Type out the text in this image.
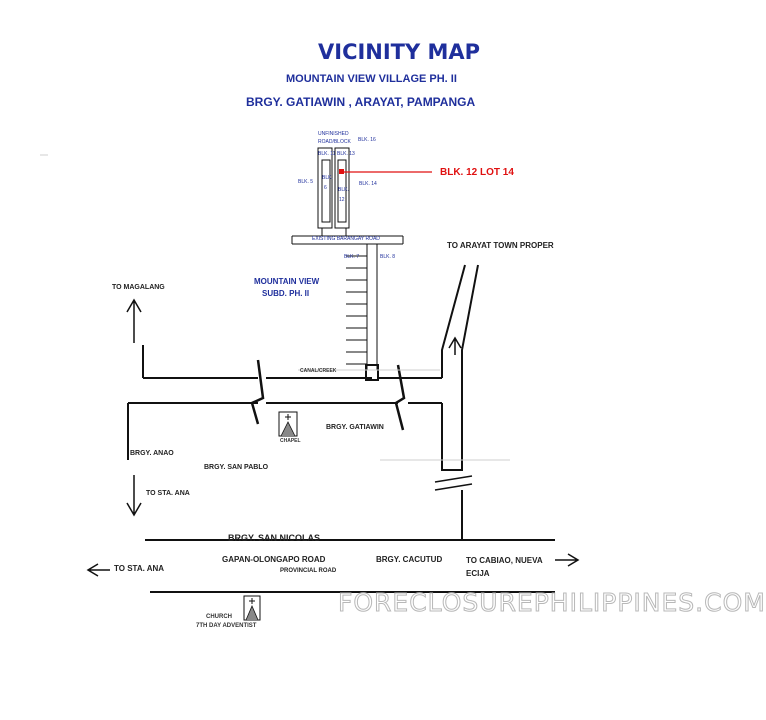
VICINITY MAP
MOUNTAIN VIEW VILLAGE PH. II
BRGY. GATIAWIN , ARAYAT, PAMPANGA
UNFINISHED
ROAD/BLOCK
BLK. 11 BLK. 13
BLK. 16
BLK. 5	BLK. 14
BLK.
6 BLK.
12
EXISTING BARANGAY ROAD
BLK. 7	BLK. 8
BLK. 12 LOT 14
MOUNTAIN VIEW
SUBD. PH. II
TO MAGALANG
TO ARAYAT TOWN PROPER
TO STA. ANA
TO STA. ANA
TO CABIAO, NUEVA
ECIJA
CANAL/CREEK
CHAPEL
CHURCH
7TH DAY ADVENTIST
BRGY. GATIAWIN
BRGY. ANAO
BRGY. SAN PABLO
BRGY. SAN NICOLAS
BRGY. CACUTUD
GAPAN-OLONGAPO ROAD
PROVINCIAL ROAD
FORECLOSUREPHILIPPINES.COM
